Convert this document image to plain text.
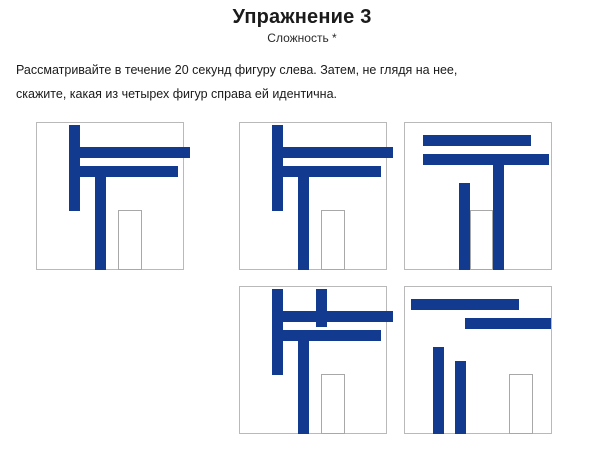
Упражнение 3
Сложность *
Рассматривайте в течение 20 секунд фигуру слева. Затем, не глядя на нее,
скажите, какая из четырех фигур справа ей идентична.
